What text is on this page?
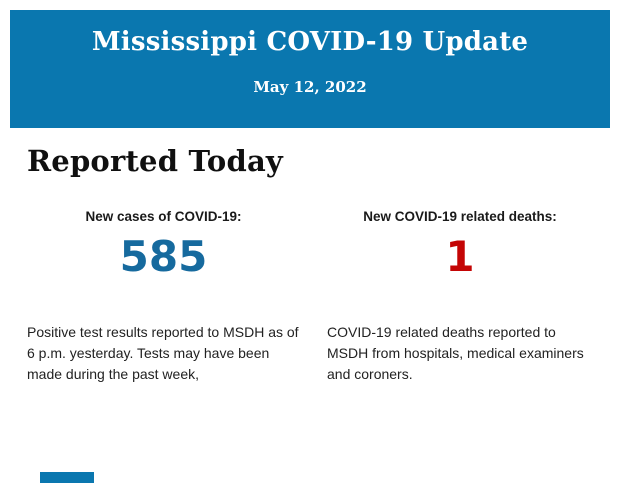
Mississippi COVID-19 Update
May 12, 2022
Reported Today
New cases of COVID-19:
585
Positive test results reported to MSDH as of 6 p.m. yesterday. Tests may have been made during the past week,
New COVID-19 related deaths:
1
COVID-19 related deaths reported to MSDH from hospitals, medical examiners and coroners.
